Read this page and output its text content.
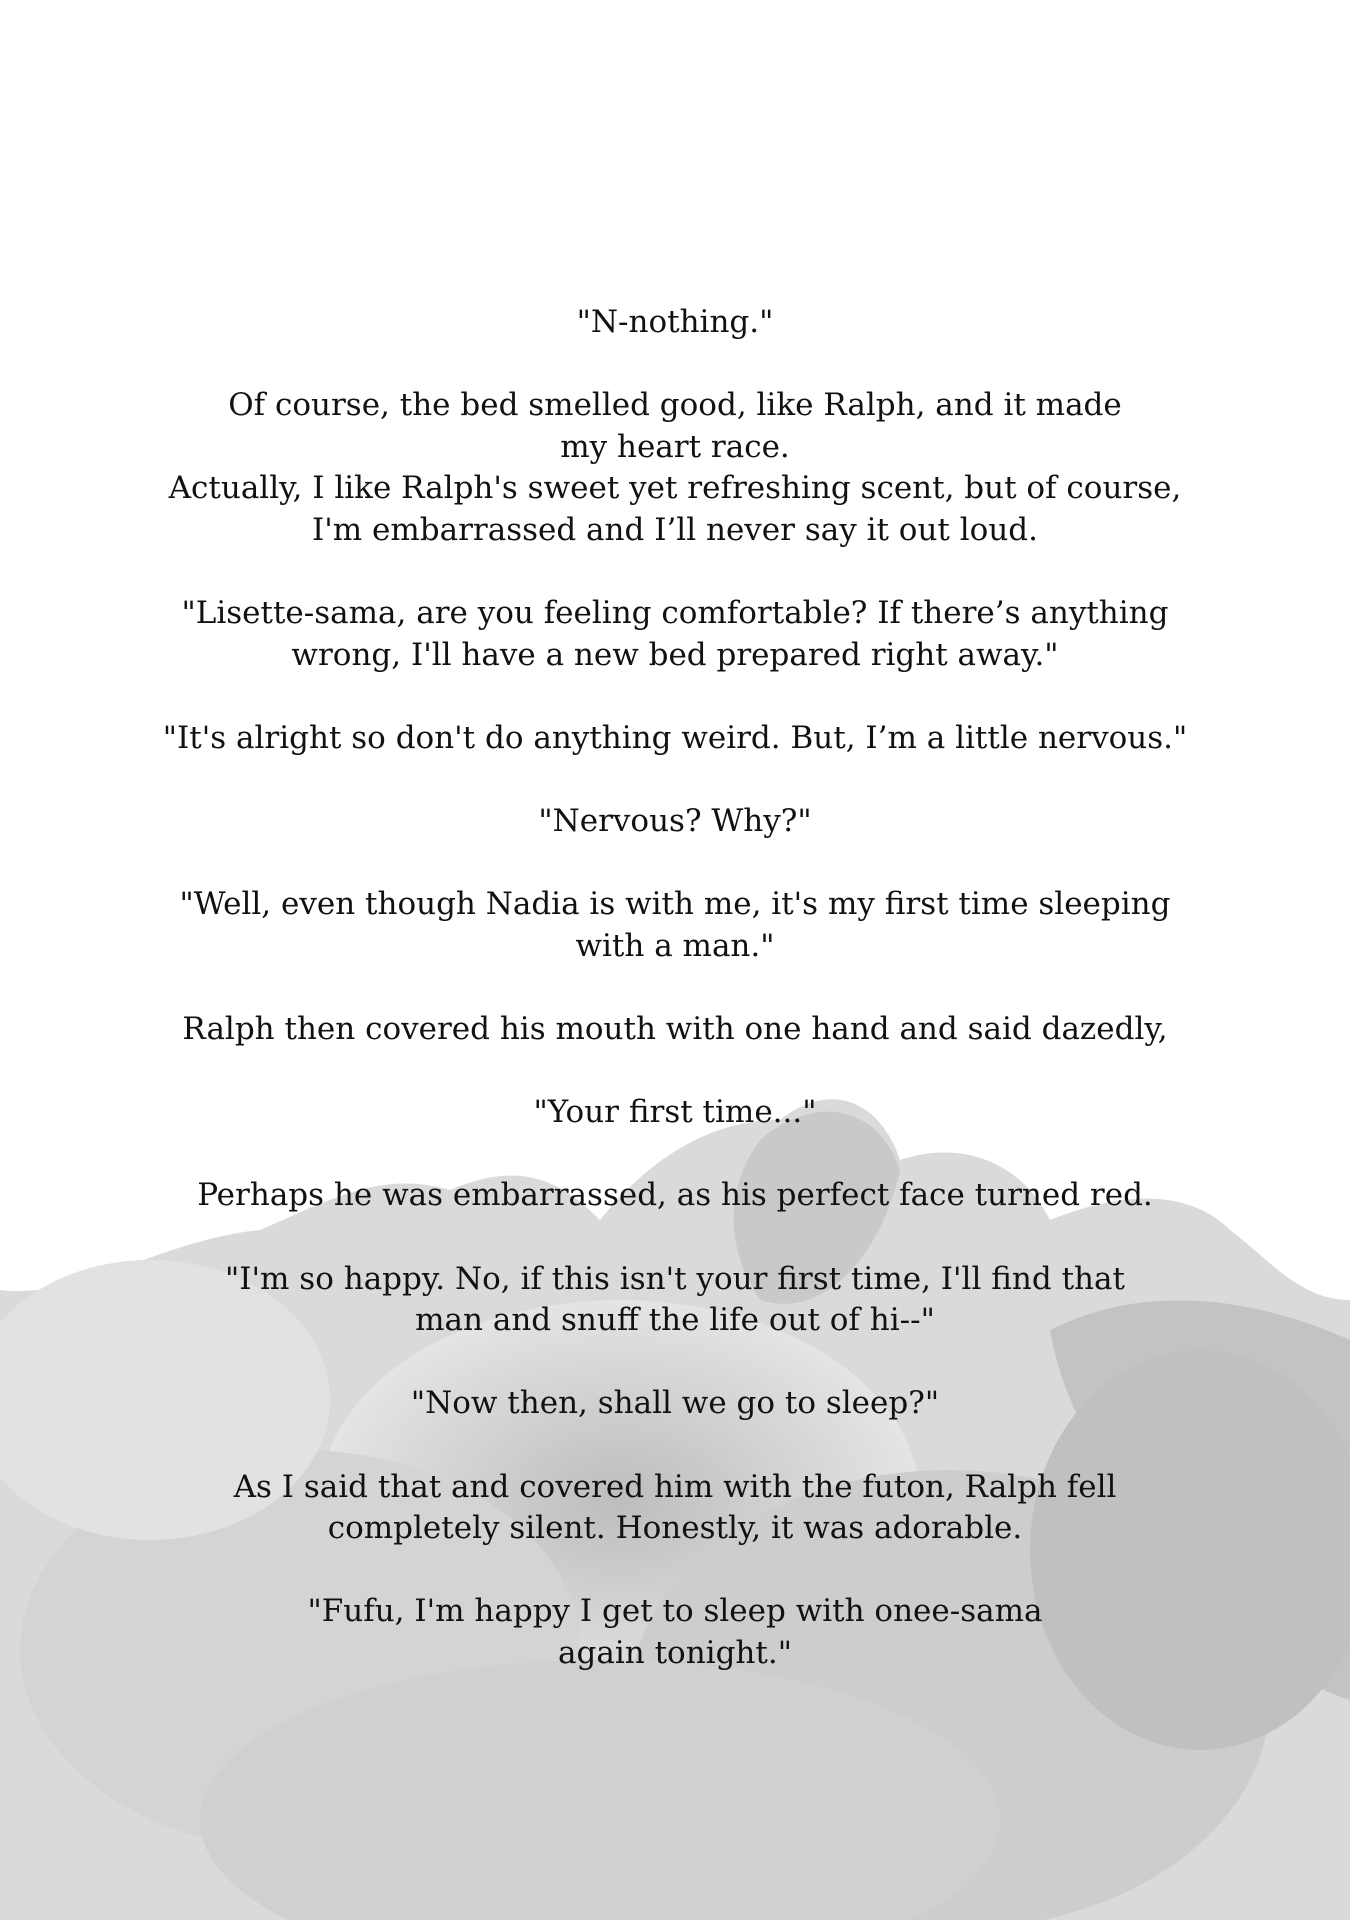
"N-nothing."
Of course, the bed smelled good, like Ralph, and it made
my heart race.
Actually, I like Ralph's sweet yet refreshing scent, but of course,
I'm embarrassed and I’ll never say it out loud.
"Lisette-sama, are you feeling comfortable? If there’s anything
wrong, I'll have a new bed prepared right away."
"It's alright so don't do anything weird. But, I’m a little nervous."
"Nervous? Why?"
"Well, even though Nadia is with me, it's my first time sleeping
with a man."
Ralph then covered his mouth with one hand and said dazedly,
"Your first time..."
Perhaps he was embarrassed, as his perfect face turned red.
"I'm so happy. No, if this isn't your first time, I'll find that
man and snuff the life out of hi--"
"Now then, shall we go to sleep?"
As I said that and covered him with the futon, Ralph fell
completely silent. Honestly, it was adorable.
"Fufu, I'm happy I get to sleep with onee-sama
again tonight."
